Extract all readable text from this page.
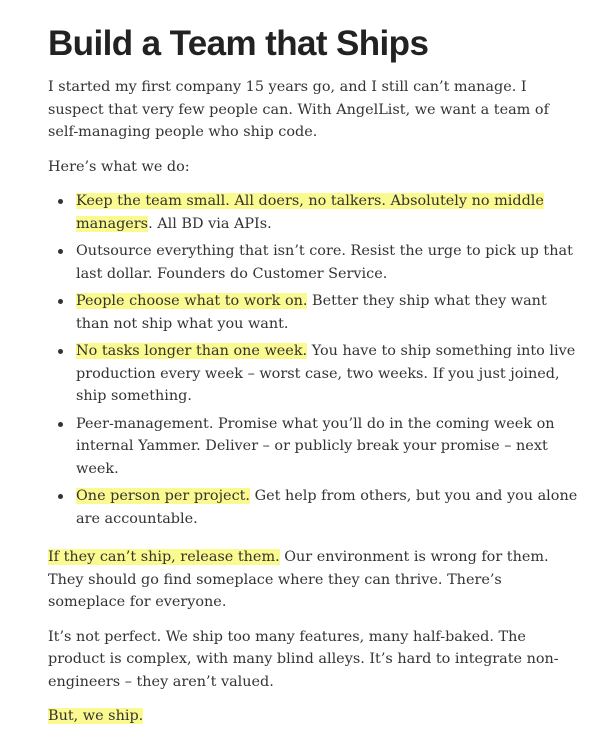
Build a Team that Ships

I started my first company 15 years go, and I still can’t manage. I suspect that very few people can. With AngelList, we want a team of self-managing people who ship code.

Here’s what we do:

Keep the team small. All doers, no talkers. Absolutely no middle managers. All BD via APIs.
Outsource everything that isn’t core. Resist the urge to pick up that last dollar. Founders do Customer Service.
People choose what to work on. Better they ship what they want than not ship what you want.
No tasks longer than one week. You have to ship something into live production every week – worst case, two weeks. If you just joined, ship something.
Peer-management. Promise what you’ll do in the coming week on internal Yammer. Deliver – or publicly break your promise – next week.
One person per project. Get help from others, but you and you alone are accountable.

If they can’t ship, release them. Our environment is wrong for them. They should go find someplace where they can thrive. There’s someplace for everyone.

It’s not perfect. We ship too many features, many half-baked. The product is complex, with many blind alleys. It’s hard to integrate non-engineers – they aren’t valued.

But, we ship.
